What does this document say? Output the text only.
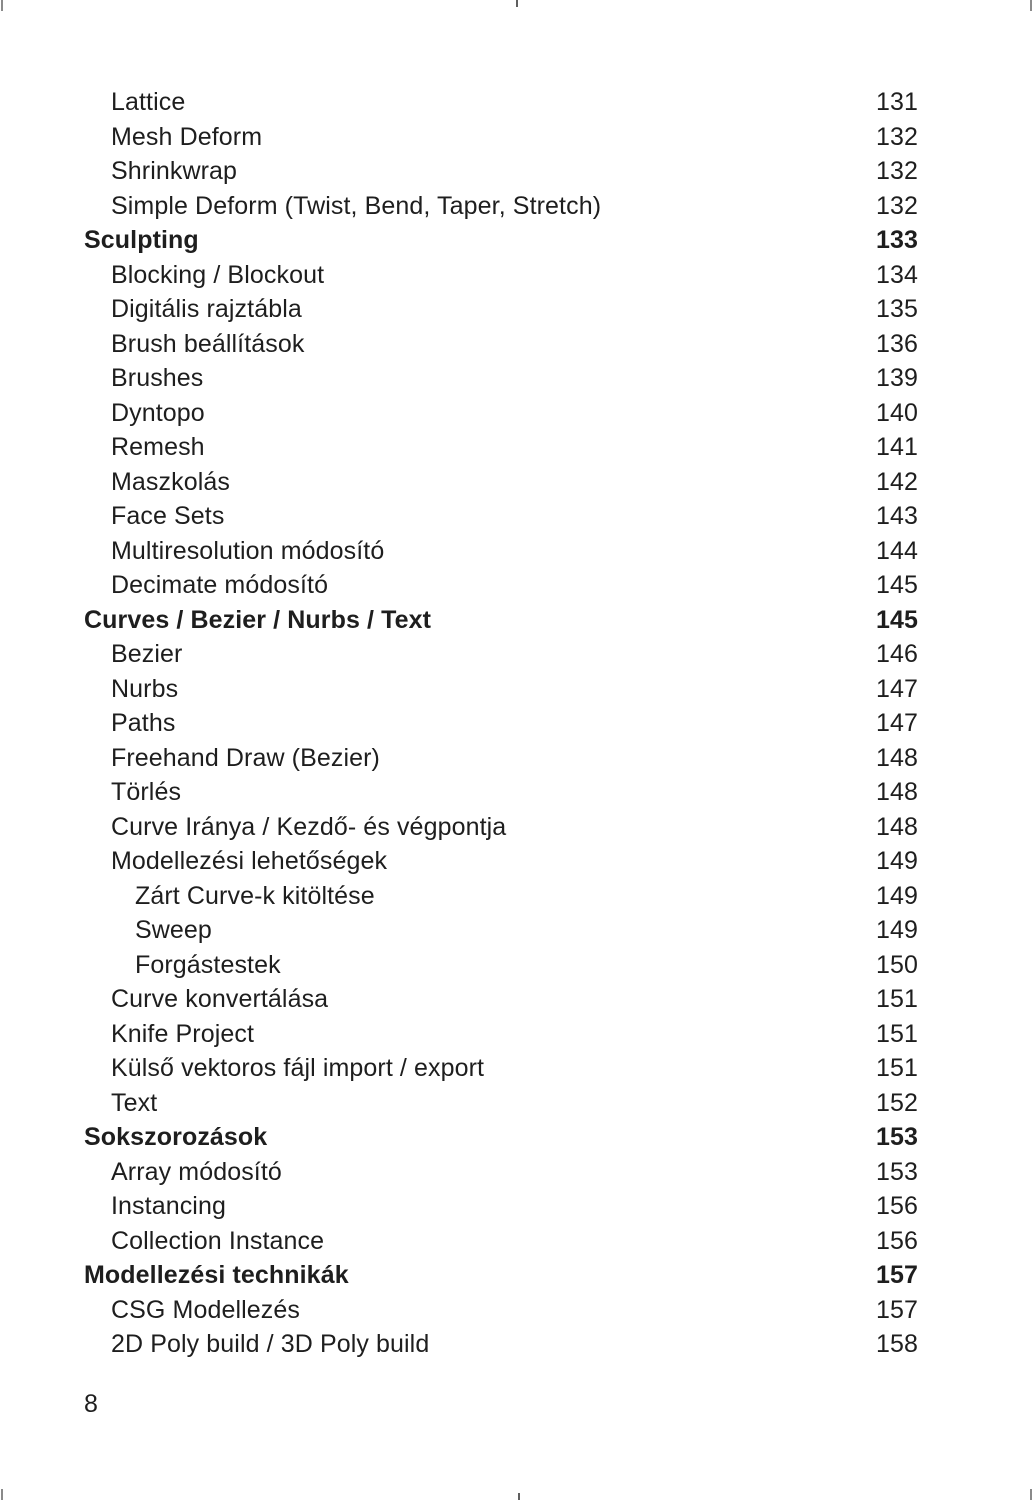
Lattice	131
Mesh Deform	132
Shrinkwrap	132
Simple Deform (Twist, Bend, Taper, Stretch)	132
Sculpting	133
Blocking / Blockout	134
Digitális rajztábla	135
Brush beállítások	136
Brushes	139
Dyntopo	140
Remesh	141
Maszkolás	142
Face Sets	143
Multiresolution módosító	144
Decimate módosító	145
Curves / Bezier / Nurbs / Text	145
Bezier	146
Nurbs	147
Paths	147
Freehand Draw (Bezier)	148
Törlés	148
Curve Iránya / Kezdő- és végpontja	148
Modellezési lehetőségek	149
Zárt Curve-k kitöltése	149
Sweep	149
Forgástestek	150
Curve konvertálása	151
Knife Project	151
Külső vektoros fájl import / export	151
Text	152
Sokszorozások	153
Array módosító	153
Instancing	156
Collection Instance	156
Modellezési technikák	157
CSG Modellezés	157
2D Poly build / 3D Poly build	158
8
